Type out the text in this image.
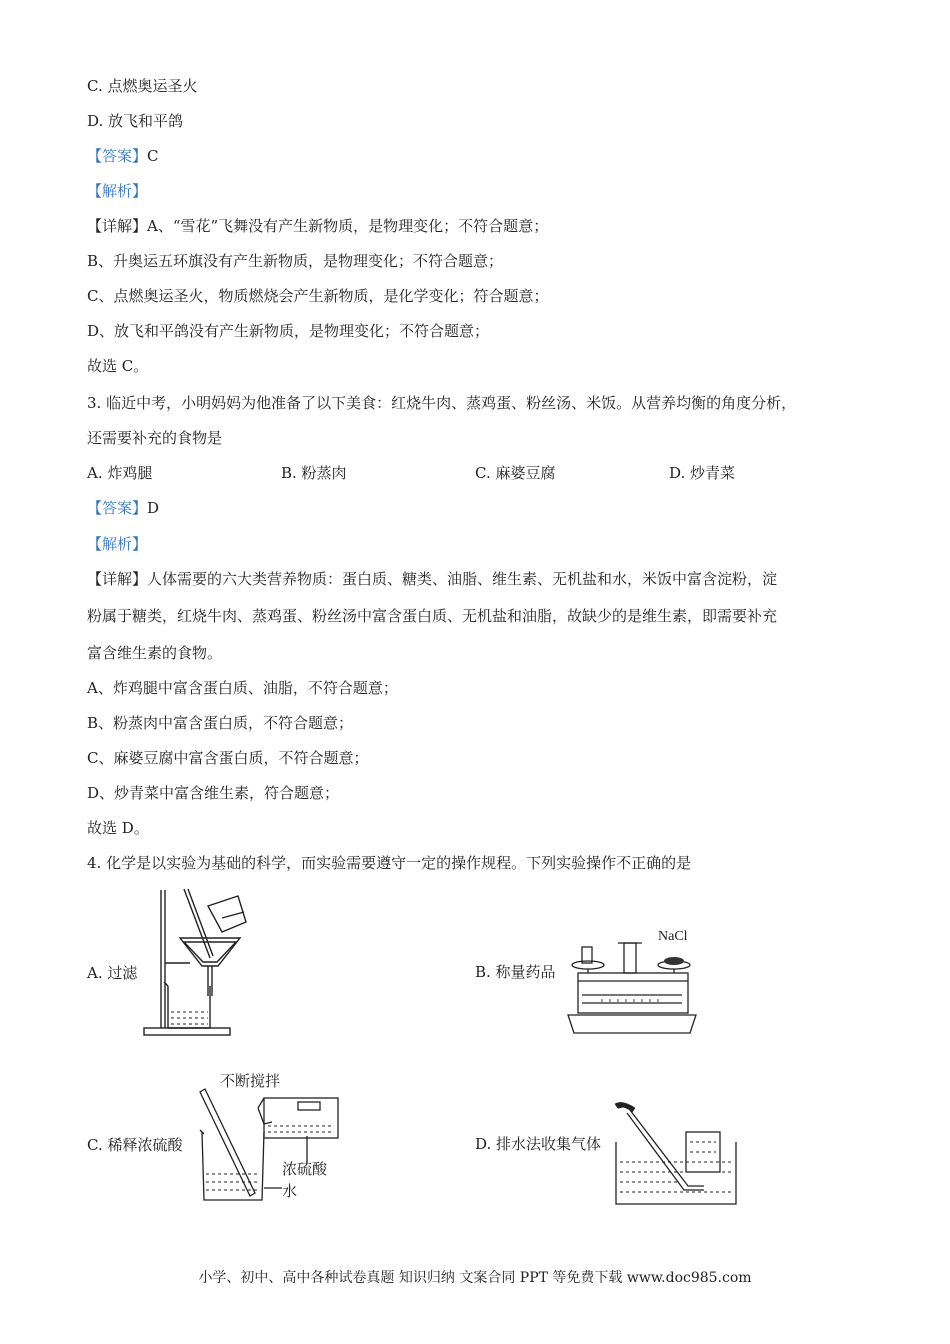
C. 点燃奥运圣火
D. 放飞和平鸽
【答案】C
【解析】
【详解】A、“雪花”飞舞没有产生新物质，是物理变化；不符合题意；
B、升奥运五环旗没有产生新物质，是物理变化；不符合题意；
C、点燃奥运圣火，物质燃烧会产生新物质，是化学变化；符合题意；
D、放飞和平鸽没有产生新物质，是物理变化；不符合题意；
故选 C。
3. 临近中考，小明妈妈为他准备了以下美食：红烧牛肉、蒸鸡蛋、粉丝汤、米饭。从营养均衡的角度分析，
还需要补充的食物是
A. 炸鸡腿	B. 粉蒸肉	C. 麻婆豆腐	D. 炒青菜
【答案】D
【解析】
【详解】人体需要的六大类营养物质：蛋白质、糖类、油脂、维生素、无机盐和水，米饭中富含淀粉，淀
粉属于糖类，红烧牛肉、蒸鸡蛋、粉丝汤中富含蛋白质、无机盐和油脂，故缺少的是维生素，即需要补充
富含维生素的食物。
A、炸鸡腿中富含蛋白质、油脂，不符合题意；
B、粉蒸肉中富含蛋白质，不符合题意；
C、麻婆豆腐中富含蛋白质，不符合题意；
D、炒青菜中富含维生素，符合题意；
故选 D。
4. 化学是以实验为基础的科学，而实验需要遵守一定的操作规程。下列实验操作不正确的是
A. 过滤	B. 称量药品
C. 稀释浓硫酸	D. 排水法收集气体
NaCl
不断搅拌
浓硫酸
水
小学、初中、高中各种试卷真题 知识归纳 文案合同 PPT 等免费下载 www.doc985.com
